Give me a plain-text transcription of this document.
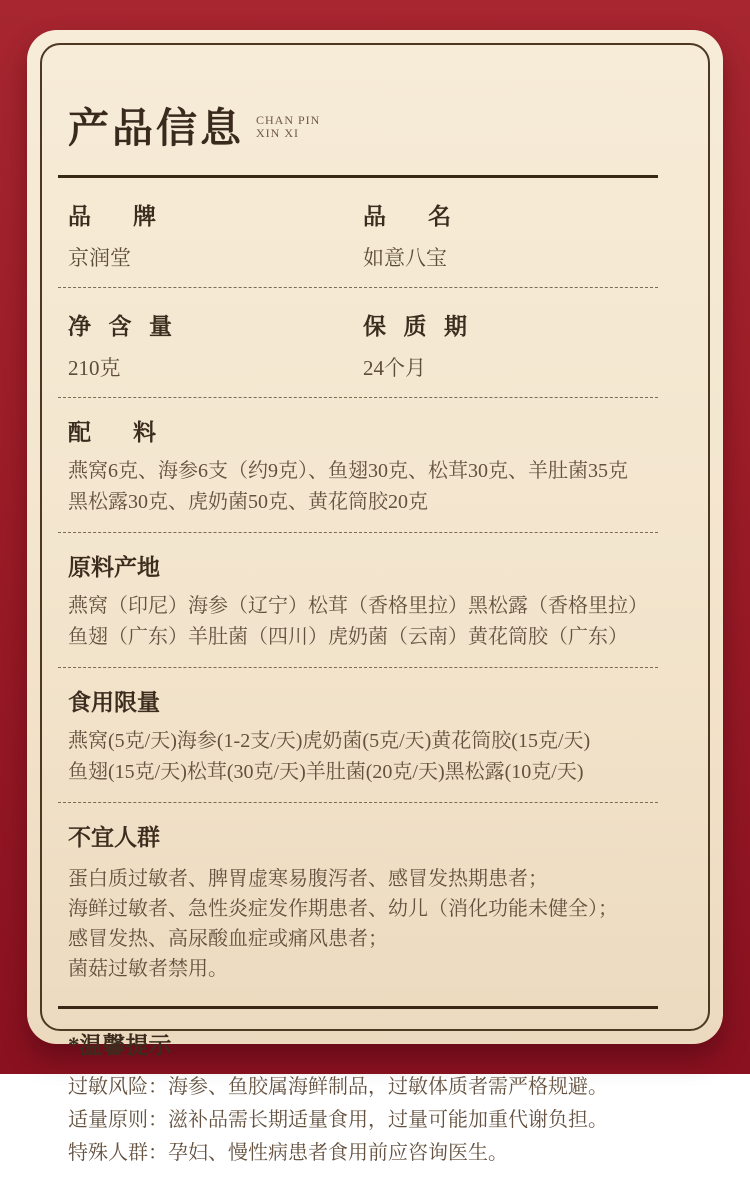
产品信息 CHAN PIN
XIN XI
品牌
京润堂
品名
如意八宝
净含量
210克
保质期
24个月
配料
燕窝6克、海参6支（约9克）、鱼翅30克、松茸30克、羊肚菌35克
黑松露30克、虎奶菌50克、黄花筒胶20克
原料产地
燕窝（印尼）海参（辽宁）松茸（香格里拉）黑松露（香格里拉）
鱼翅（广东）羊肚菌（四川）虎奶菌（云南）黄花筒胶（广东）
食用限量
燕窝(5克/天)海参(1-2支/天)虎奶菌(5克/天)黄花筒胶(15克/天)
鱼翅(15克/天)松茸(30克/天)羊肚菌(20克/天)黑松露(10克/天)
不宜人群
蛋白质过敏者、脾胃虚寒易腹泻者、感冒发热期患者；
海鲜过敏者、急性炎症发作期患者、幼儿（消化功能未健全）；
感冒发热、高尿酸血症或痛风患者；
菌菇过敏者禁用。
*温馨提示
过敏风险：海参、鱼胶属海鲜制品，过敏体质者需严格规避。
适量原则：滋补品需长期适量食用，过量可能加重代谢负担。
特殊人群：孕妇、慢性病患者食用前应咨询医生。
